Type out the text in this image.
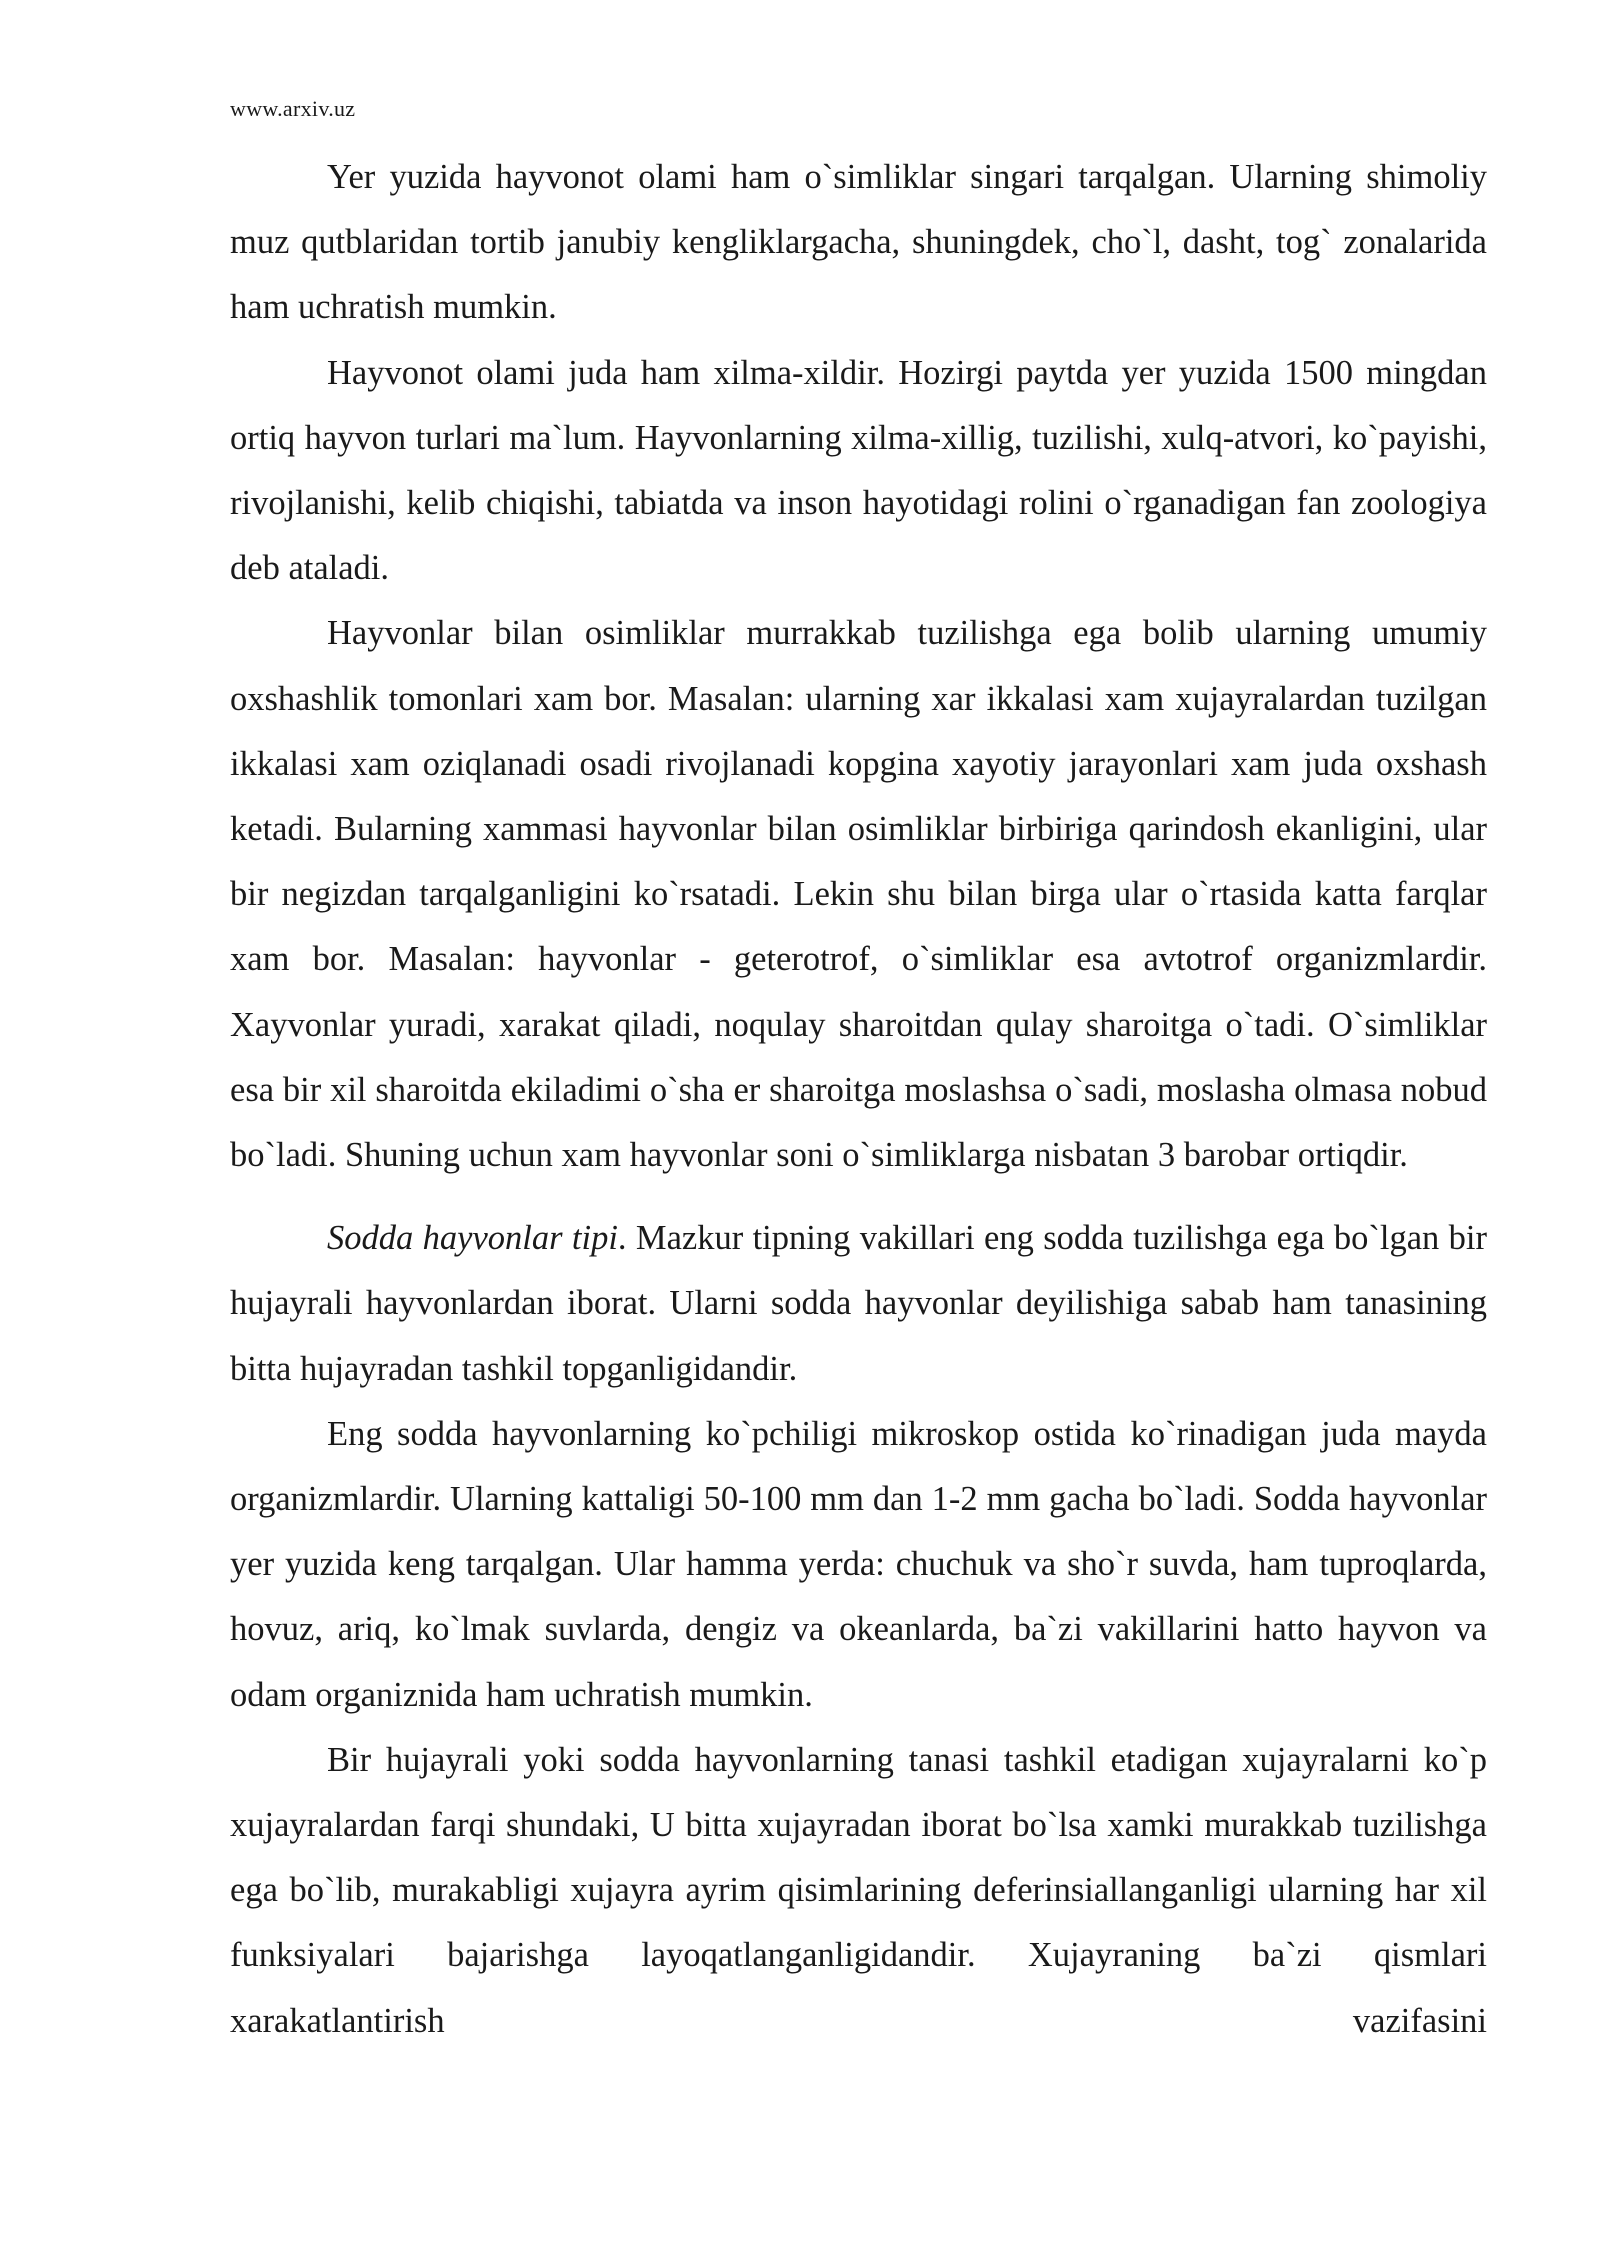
www.arxiv.uz

Yer yuzida hayvonot olami ham o`simliklar singari tarqalgan. Ularning shimoliy muz qutblaridan tortib janubiy kengliklargacha, shuningdek, cho`l, dasht, tog` zonalarida ham uchratish mumkin.

Hayvonot olami juda ham xilma-xildir. Hozirgi paytda yer yuzida 1500 mingdan ortiq hayvon turlari ma`lum. Hayvonlarning xilma-xillig, tuzilishi, xulq-atvori, ko`payishi, rivojlanishi, kelib chiqishi, tabiatda va inson hayotidagi rolini o`rganadigan fan zoologiya deb ataladi.

Hayvonlar bilan osimliklar murrakkab tuzilishga ega bolib ularning umumiy oxshashlik tomonlari xam bor. Masalan: ularning xar ikkalasi xam xujayralardan tuzilgan ikkalasi xam oziqlanadi osadi rivojlanadi kopgina xayotiy jarayonlari xam juda oxshash ketadi. Bularning xammasi hayvonlar bilan osimliklar birbiriga qarindosh ekanligini, ular bir negizdan tarqalganligini ko`rsatadi. Lekin shu bilan birga ular o`rtasida katta farqlar xam bor. Masalan: hayvonlar - geterotrof, o`simliklar esa avtotrof organizmlardir. Xayvonlar yuradi, xarakat qiladi, noqulay sharoitdan qulay sharoitga o`tadi. O`simliklar esa bir xil sharoitda ekiladimi o`sha er sharoitga moslashsa o`sadi, moslasha olmasa nobud bo`ladi. Shuning uchun xam hayvonlar soni o`simliklarga nisbatan 3 barobar ortiqdir.

Sodda hayvonlar tipi. Mazkur tipning vakillari eng sodda tuzilishga ega bo`lgan bir hujayrali hayvonlardan iborat. Ularni sodda hayvonlar deyilishiga sabab ham tanasining bitta hujayradan tashkil topganligidandir.

Eng sodda hayvonlarning ko`pchiligi mikroskop ostida ko`rinadigan juda mayda organizmlardir. Ularning kattaligi 50-100 mm dan 1-2 mm gacha bo`ladi. Sodda hayvonlar yer yuzida keng tarqalgan. Ular hamma yerda: chuchuk va sho`r suvda, ham tuproqlarda, hovuz, ariq, ko`lmak suvlarda, dengiz va okeanlarda, ba`zi vakillarini hatto hayvon va odam organiznida ham uchratish mumkin.

Bir hujayrali yoki sodda hayvonlarning tanasi tashkil etadigan xujayralarni ko`p xujayralardan farqi shundaki, U bitta xujayradan iborat bo`lsa xamki murakkab tuzilishga ega bo`lib, murakabligi xujayra ayrim qisimlarining deferinsiallanganligi ularning har xil funksiyalari bajarishga layoqatlanganligidandir. Xujayraning ba`zi qismlari xarakatlantirish vazifasini
